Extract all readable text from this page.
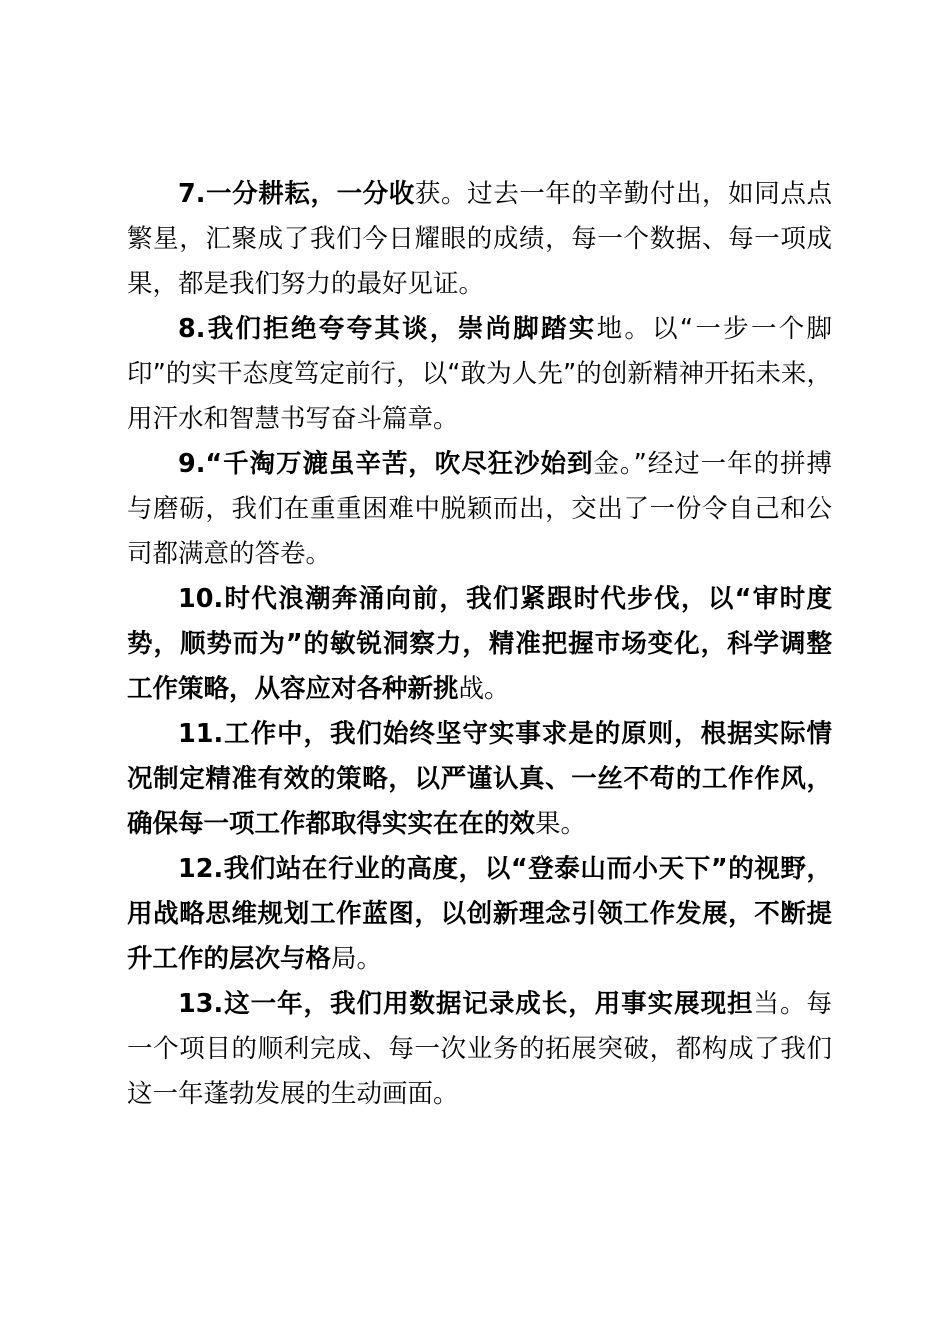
7.一分耕耘，一分收获。过去一年的辛勤付出，如同点点繁星，汇聚成了我们今日耀眼的成绩，每一个数据、每一项成果，都是我们努力的最好见证。

8.我们拒绝夸夸其谈，崇尚脚踏实地。以“一步一个脚印”的实干态度笃定前行，以“敢为人先”的创新精神开拓未来，用汗水和智慧书写奋斗篇章。

9.“千淘万漉虽辛苦，吹尽狂沙始到金。”经过一年的拼搏与磨砺，我们在重重困难中脱颖而出，交出了一份令自己和公司都满意的答卷。

10.时代浪潮奔涌向前，我们紧跟时代步伐，以“审时度势，顺势而为”的敏锐洞察力，精准把握市场变化，科学调整工作策略，从容应对各种新挑战。

11.工作中，我们始终坚守实事求是的原则，根据实际情况制定精准有效的策略，以严谨认真、一丝不苟的工作作风，确保每一项工作都取得实实在在的效果。

12.我们站在行业的高度，以“登泰山而小天下”的视野，用战略思维规划工作蓝图，以创新理念引领工作发展，不断提升工作的层次与格局。

13.这一年，我们用数据记录成长，用事实展现担当。每一个项目的顺利完成、每一次业务的拓展突破，都构成了我们这一年蓬勃发展的生动画面。
